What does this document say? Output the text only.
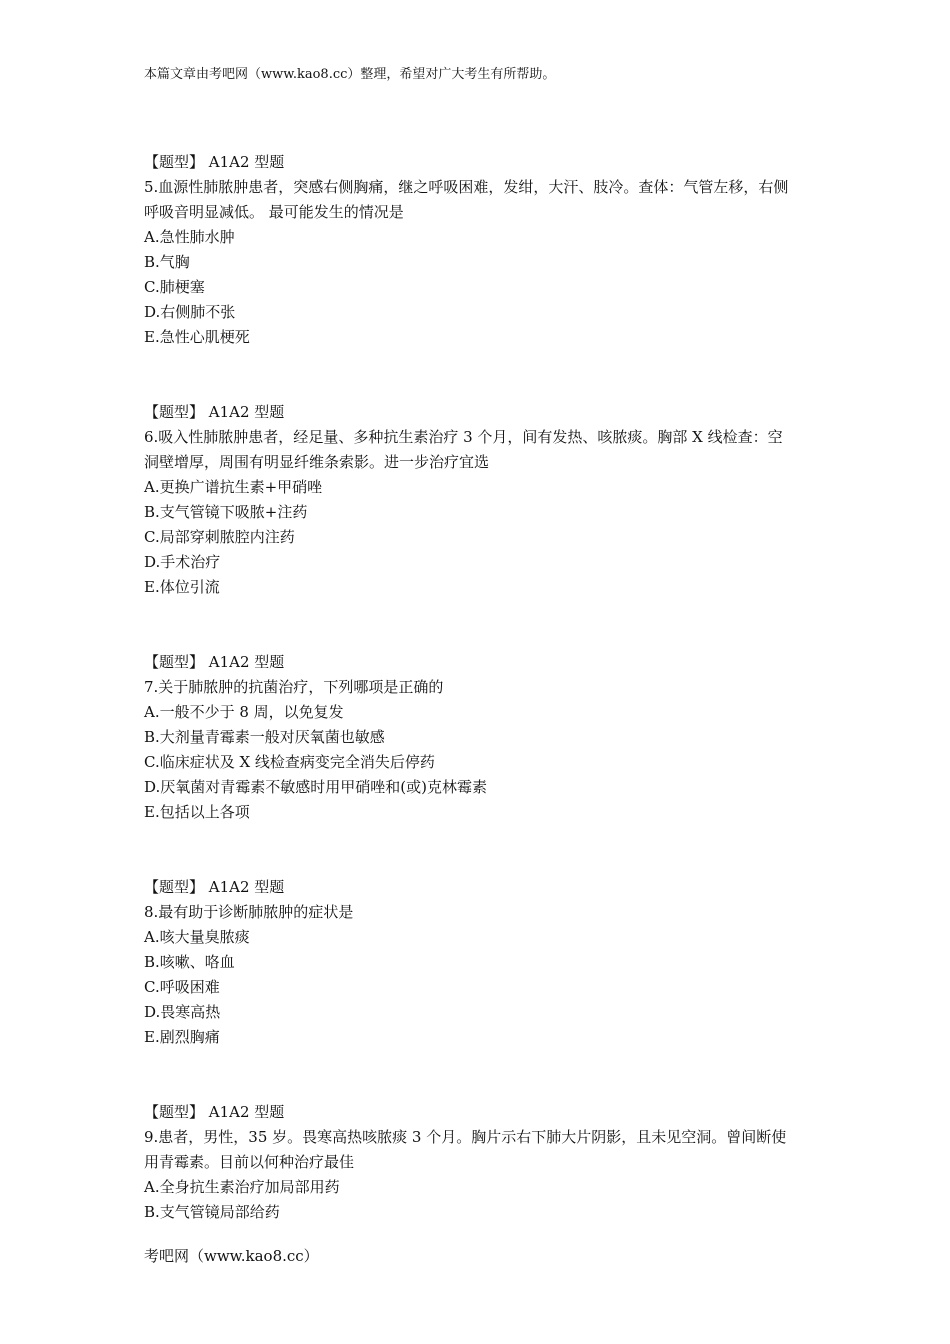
本篇文章由考吧网（www.kao8.cc）整理，希望对广大考生有所帮助。
【题型】 A1A2 型题
5.血源性肺脓肿患者，突感右侧胸痛，继之呼吸困难，发绀，大汗、肢冷。查体：气管左移，右侧
呼吸音明显减低。 最可能发生的情况是
A.急性肺水肿
B.气胸
C.肺梗塞
D.右侧肺不张
E.急性心肌梗死
【题型】 A1A2 型题
6.吸入性肺脓肿患者，经足量、多种抗生素治疗 3 个月，间有发热、咳脓痰。胸部 X 线检查：空
洞壁增厚，周围有明显纤维条索影。进一步治疗宜选
A.更换广谱抗生素+甲硝唑
B.支气管镜下吸脓+注药
C.局部穿刺脓腔内注药
D.手术治疗
E.体位引流
【题型】 A1A2 型题
7.关于肺脓肿的抗菌治疗，下列哪项是正确的
A.一般不少于 8 周，以免复发
B.大剂量青霉素一般对厌氧菌也敏感
C.临床症状及 X 线检查病变完全消失后停药
D.厌氧菌对青霉素不敏感时用甲硝唑和(或)克林霉素
E.包括以上各项
【题型】 A1A2 型题
8.最有助于诊断肺脓肿的症状是
A.咳大量臭脓痰
B.咳嗽、咯血
C.呼吸困难
D.畏寒高热
E.剧烈胸痛
【题型】 A1A2 型题
9.患者，男性，35 岁。畏寒高热咳脓痰 3 个月。胸片示右下肺大片阴影，且未见空洞。曾间断使
用青霉素。目前以何种治疗最佳
A.全身抗生素治疗加局部用药
B.支气管镜局部给药
考吧网（www.kao8.cc）
